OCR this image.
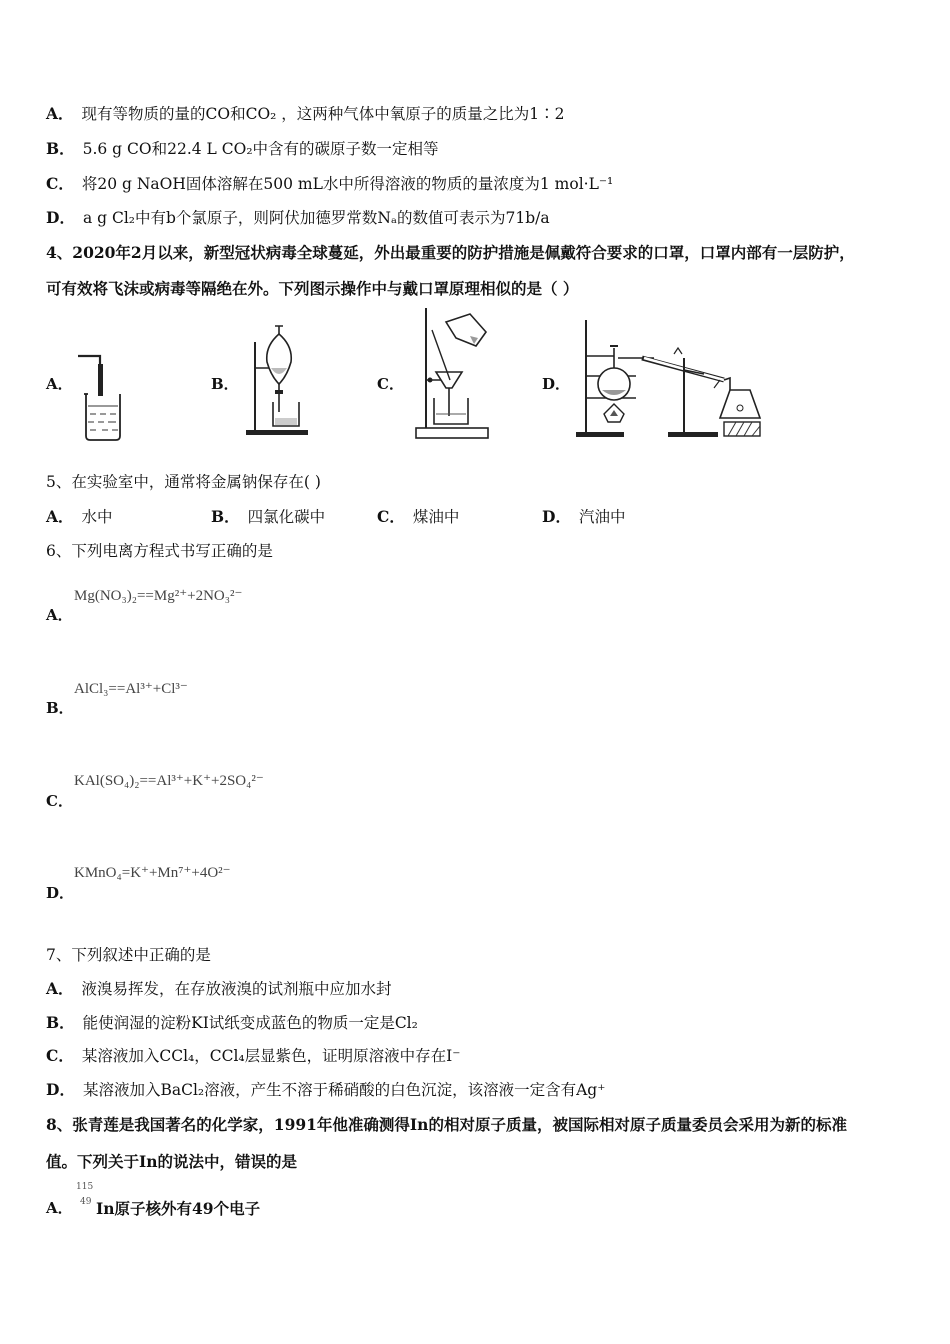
A． 现有等物质的量的CO和CO₂ ，这两种气体中氧原子的质量之比为1∶2
B． 5.6 g CO和22.4 L CO₂中含有的碳原子数一定相等
C． 将20 g NaOH固体溶解在500 mL水中所得溶液的物质的量浓度为1 mol·L⁻¹
D． a g Cl₂中有b个氯原子，则阿伏加德罗常数Nₐ的数值可表示为71b/a
4、2020年2月以来，新型冠状病毒全球蔓延，外出最重要的防护措施是佩戴符合要求的口罩，口罩内部有一层防护，
可有效将飞沫或病毒等隔绝在外。下列图示操作中与戴口罩原理相似的是（ ）
A．	B．	C．	D．
5、在实验室中，通常将金属钠保存在( )
A． 水中	B． 四氯化碳中	C． 煤油中	D． 汽油中
6、下列电离方程式书写正确的是
Mg(NO₃)₂==Mg²⁺+2NO₃²⁻
A．
AlCl₃==Al³⁺+Cl³⁻
B．
KAl(SO₄)₂==Al³⁺+K⁺+2SO₄²⁻
C．
KMnO₄=K⁺+Mn⁷⁺+4O²⁻
D．
7、下列叙述中正确的是
A． 液溴易挥发，在存放液溴的试剂瓶中应加水封
B． 能使润湿的淀粉KI试纸变成蓝色的物质一定是Cl₂
C． 某溶液加入CCl₄，CCl₄层显紫色，证明原溶液中存在I⁻
D． 某溶液加入BaCl₂溶液，产生不溶于稀硝酸的白色沉淀，该溶液一定含有Ag⁺
8、张青莲是我国著名的化学家，1991年他准确测得In的相对原子质量，被国际相对原子质量委员会采用为新的标准
值。下列关于In的说法中，错误的是
A．
115
49 In原子核外有49个电子
